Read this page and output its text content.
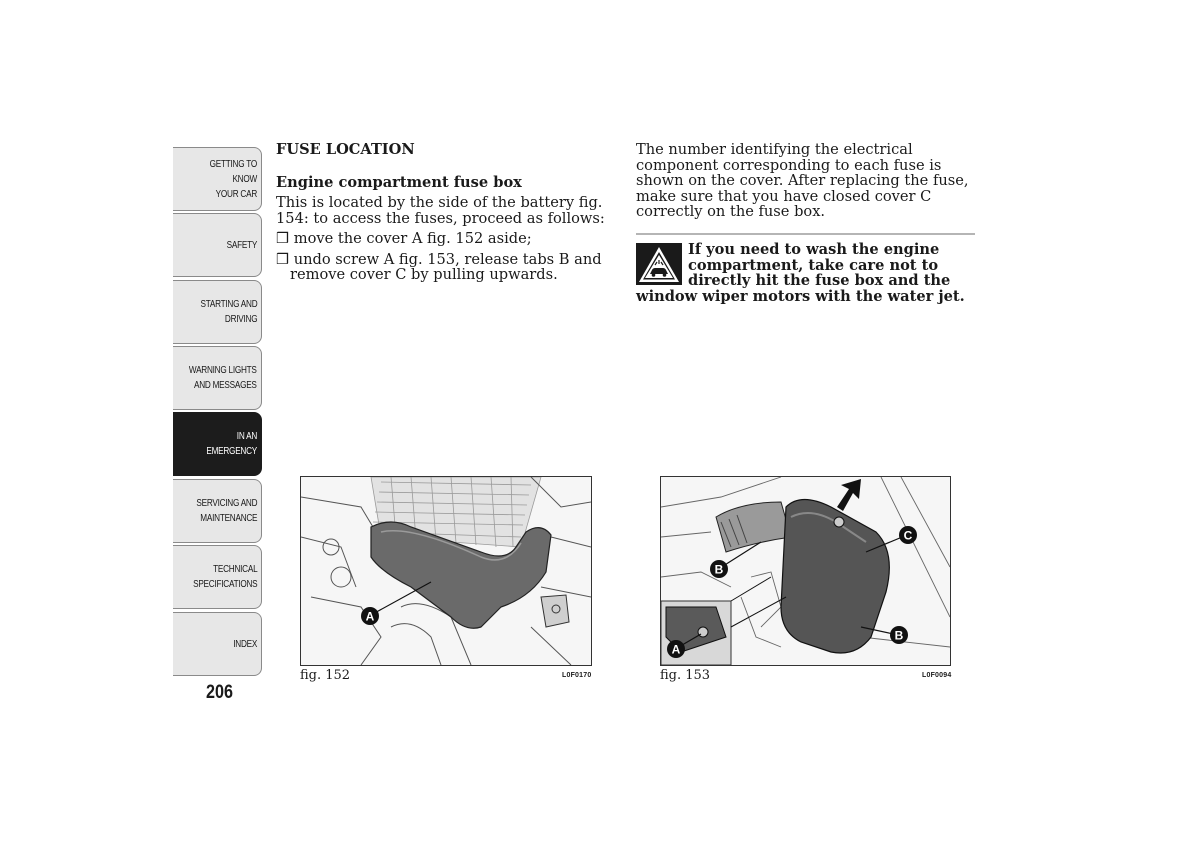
GETTING TO KNOW
YOUR CAR
SAFETY
STARTING AND
DRIVING
WARNING LIGHTS
AND MESSAGES
IN AN EMERGENCY
SERVICING AND
MAINTENANCE
TECHNICAL
SPECIFICATIONS
INDEX
206

FUSE LOCATION

Engine compartment fuse box

This is located by the side of the battery fig. 154: to access the fuses, proceed as follows:

❒ move the cover A fig. 152 aside;

❒ undo screw A fig. 153, release tabs B and remove cover C by pulling upwards.

The number identifying the electrical component corresponding to each fuse is shown on the cover. After replacing the fuse, make sure that you have closed cover C correctly on the fuse box.

If you need to wash the engine compartment, take care not to directly hit the fuse box and the window wiper motors with the water jet.
A
fig. 152	L0F0170
C
B
B
A
fig. 153	L0F0094
